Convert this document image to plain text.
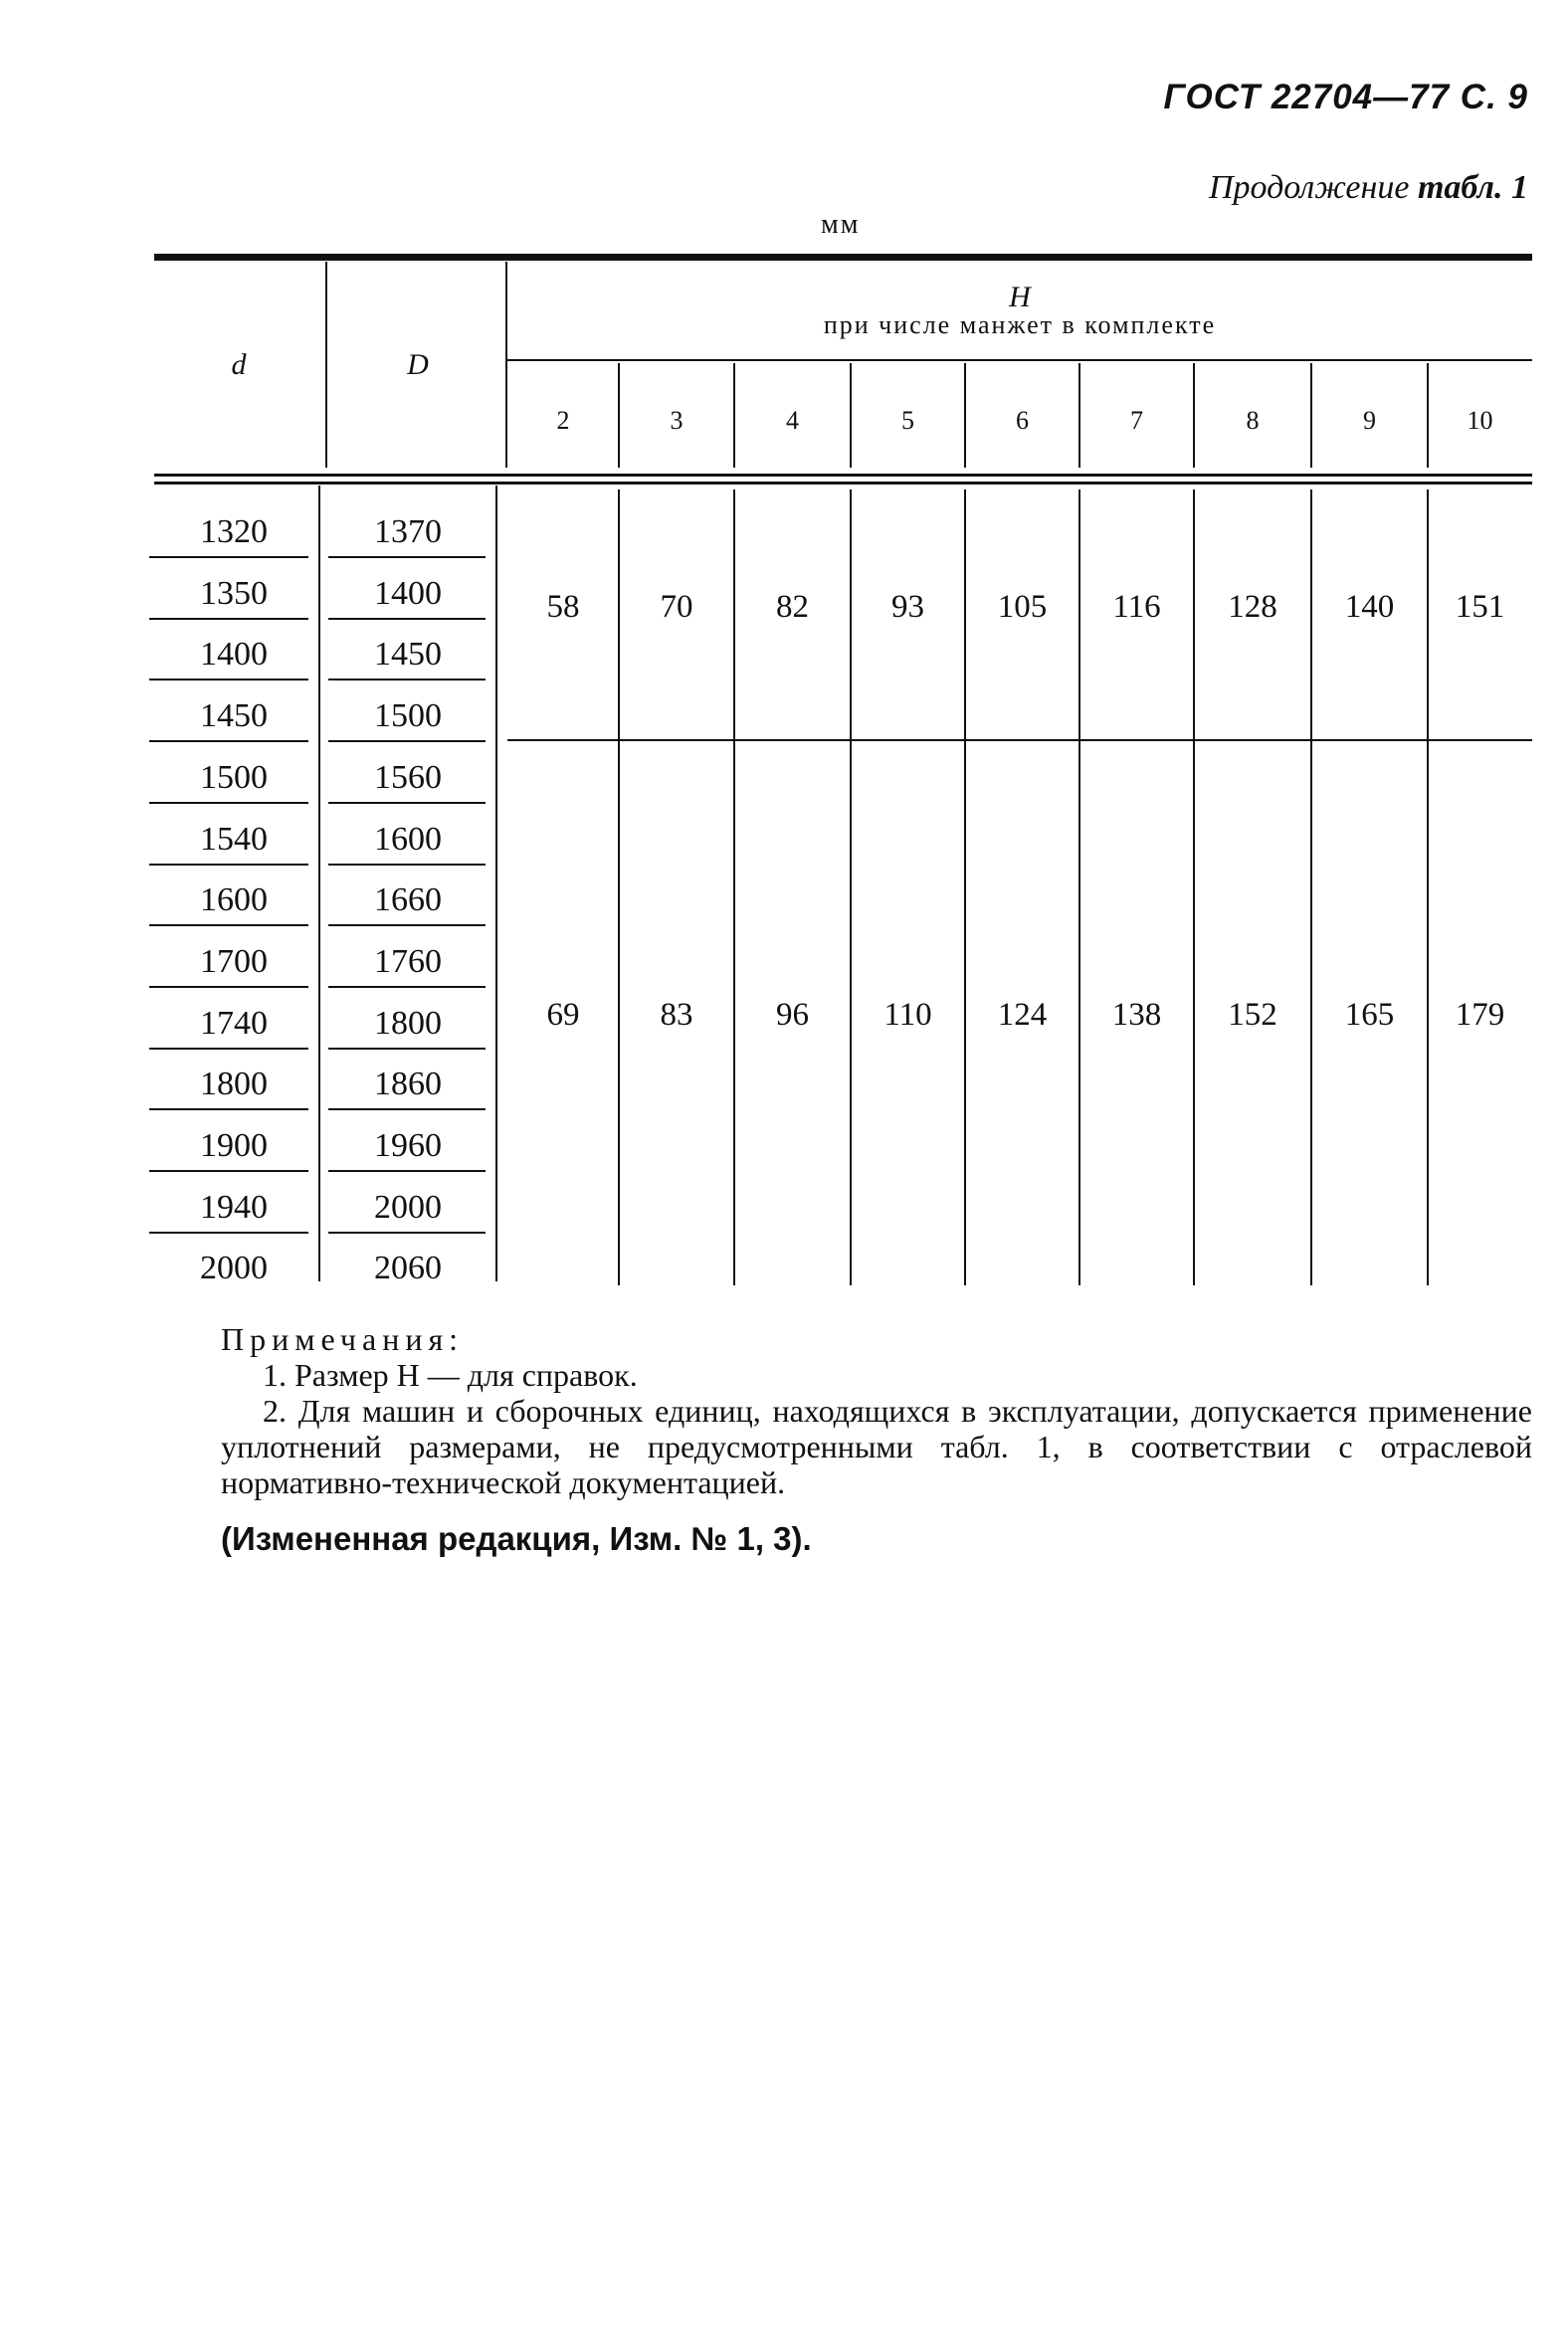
ГОСТ 22704—77 С. 9
Продолжение табл. 1
мм
d	D
H
при числе манжет в комплекте
2	3	4	5	6	7	8	9	10
1320	1370
1350	1400
1400	1450
1450	1500
1500	1560
1540	1600
1600	1660
1700	1760
1740	1800
1800	1860
1900	1960
1940	2000
2000	2060
58	70	82	93	105	116	128	140	151
69	83	96	110	124	138	152	165	179

Примечания:

1. Размер H — для справок.

2. Для машин и сборочных единиц, находящихся в эксплуатации, допускается применение уплотнений размерами, не предусмотренными табл. 1, в соответствии с отраслевой нормативно-технической документацией.

(Измененная редакция, Изм. № 1, 3).
